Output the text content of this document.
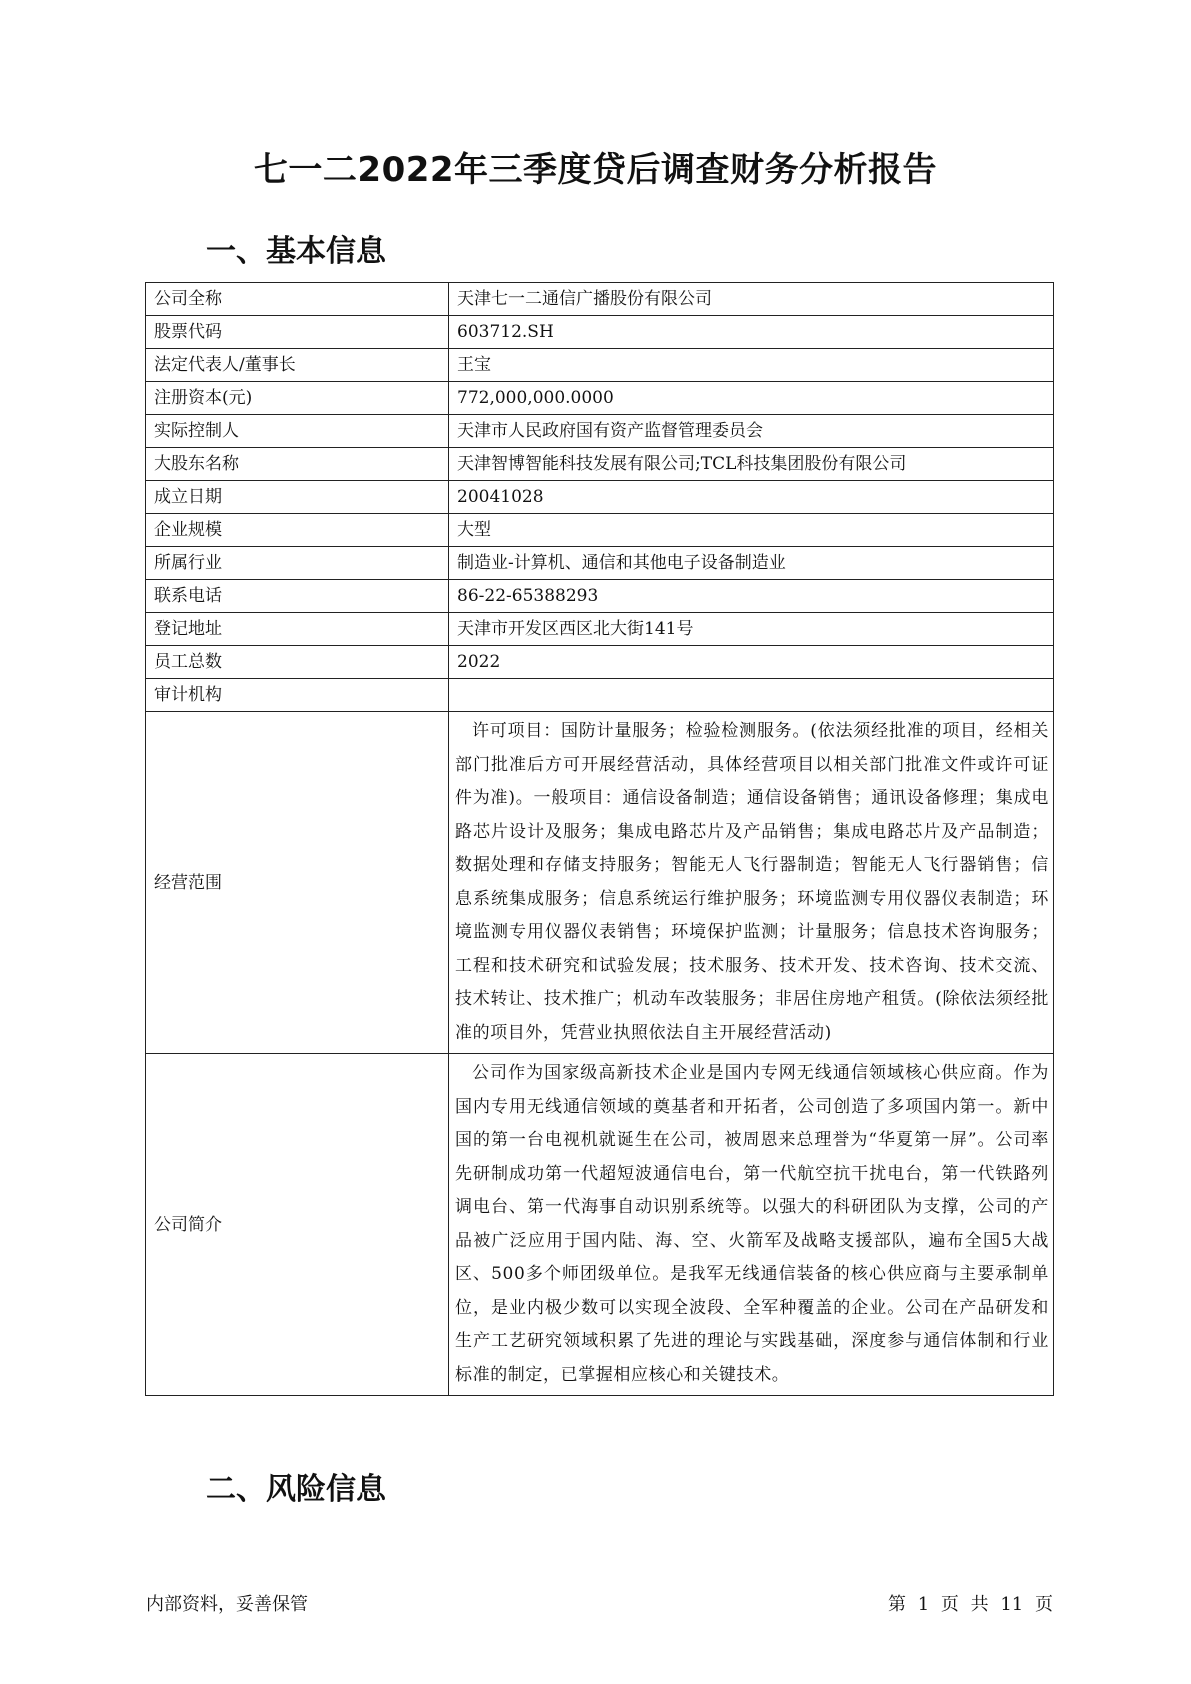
七一二2022年三季度贷后调查财务分析报告
一、基本信息
公司全称	天津七一二通信广播股份有限公司
股票代码	603712.SH
法定代表人/董事长	王宝
注册资本(元)	772,000,000.0000
实际控制人	天津市人民政府国有资产监督管理委员会
大股东名称	天津智博智能科技发展有限公司;TCL科技集团股份有限公司
成立日期	20041028
企业规模	大型
所属行业	制造业-计算机、通信和其他电子设备制造业
联系电话	86-22-65388293
登记地址	天津市开发区西区北大街141号
员工总数	2022
审计机构	
经营范围	许可项目：国防计量服务；检验检测服务。(依法须经批准的项目，经相关部门批准后方可开展经营活动，具体经营项目以相关部门批准文件或许可证件为准)。一般项目：通信设备制造；通信设备销售；通讯设备修理；集成电路芯片设计及服务；集成电路芯片及产品销售；集成电路芯片及产品制造；数据处理和存储支持服务；智能无人飞行器制造；智能无人飞行器销售；信息系统集成服务；信息系统运行维护服务；环境监测专用仪器仪表制造；环境监测专用仪器仪表销售；环境保护监测；计量服务；信息技术咨询服务；工程和技术研究和试验发展；技术服务、技术开发、技术咨询、技术交流、技术转让、技术推广；机动车改装服务；非居住房地产租赁。(除依法须经批准的项目外，凭营业执照依法自主开展经营活动)
公司简介	公司作为国家级高新技术企业是国内专网无线通信领域核心供应商。作为国内专用无线通信领域的奠基者和开拓者，公司创造了多项国内第一。新中国的第一台电视机就诞生在公司，被周恩来总理誉为“华夏第一屏”。公司率先研制成功第一代超短波通信电台，第一代航空抗干扰电台，第一代铁路列调电台、第一代海事自动识别系统等。以强大的科研团队为支撑，公司的产品被广泛应用于国内陆、海、空、火箭军及战略支援部队，遍布全国5大战区、500多个师团级单位。是我军无线通信装备的核心供应商与主要承制单位，是业内极少数可以实现全波段、全军种覆盖的企业。公司在产品研发和生产工艺研究领域积累了先进的理论与实践基础，深度参与通信体制和行业标准的制定，已掌握相应核心和关键技术。
二、风险信息
内部资料，妥善保管	第 1 页 共 11 页
